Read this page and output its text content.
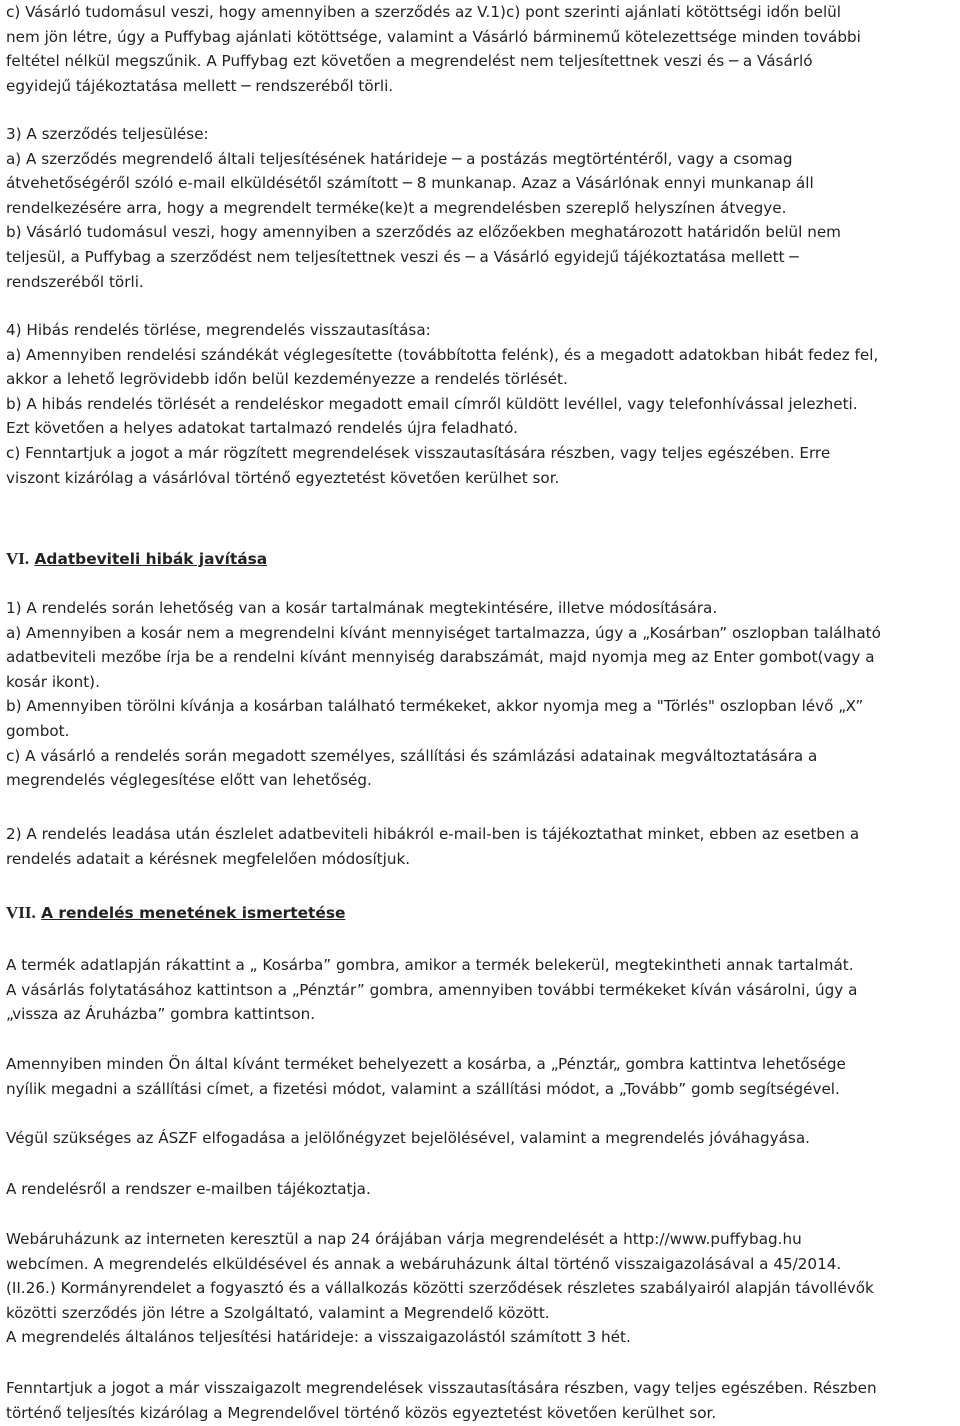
c) Vásárló tudomásul veszi, hogy amennyiben a szerződés az V.1)c) pont szerinti ajánlati kötöttségi időn belül

nem jön létre, úgy a Puffybag ajánlati kötöttsége, valamint a Vásárló bárminemű kötelezettsége minden további

feltétel nélkül megszűnik. A Puffybag ezt követően a megrendelést nem teljesítettnek veszi és ─ a Vásárló

egyidejű tájékoztatása mellett ─ rendszeréből törli.

3) A szerződés teljesülése:

a) A szerződés megrendelő általi teljesítésének határideje ─ a postázás megtörténtéről, vagy a csomag

átvehetőségéről szóló e-mail elküldésétől számított ─ 8 munkanap. Azaz a Vásárlónak ennyi munkanap áll

rendelkezésére arra, hogy a megrendelt terméke(ke)t a megrendelésben szereplő helyszínen átvegye.

b) Vásárló tudomásul veszi, hogy amennyiben a szerződés az előzőekben meghatározott határidőn belül nem

teljesül, a Puffybag a szerződést nem teljesítettnek veszi és ─ a Vásárló egyidejű tájékoztatása mellett ─

rendszeréből törli.

4) Hibás rendelés törlése, megrendelés visszautasítása:

a) Amennyiben rendelési szándékát véglegesítette (továbbította felénk), és a megadott adatokban hibát fedez fel,

akkor a lehető legrövidebb időn belül kezdeményezze a rendelés törlését.

b) A hibás rendelés törlését a rendeléskor megadott email címről küldött levéllel, vagy telefonhívással jelezheti.

Ezt követően a helyes adatokat tartalmazó rendelés újra feladható.

c) Fenntartjuk a jogot a már rögzített megrendelések visszautasítására részben, vagy teljes egészében. Erre

viszont kizárólag a vásárlóval történő egyeztetést követően kerülhet sor.

VI. Adatbeviteli hibák javítása

1) A rendelés során lehetőség van a kosár tartalmának megtekintésére, illetve módosítására.

a) Amennyiben a kosár nem a megrendelni kívánt mennyiséget tartalmazza, úgy a „Kosárban” oszlopban található

adatbeviteli mezőbe írja be a rendelni kívánt mennyiség darabszámát, majd nyomja meg az Enter gombot(vagy a

kosár ikont).

b) Amennyiben törölni kívánja a kosárban található termékeket, akkor nyomja meg a "Törlés" oszlopban lévő „X”

gombot.

c) A vásárló a rendelés során megadott személyes, szállítási és számlázási adatainak megváltoztatására a

megrendelés véglegesítése előtt van lehetőség.

2) A rendelés leadása után észlelet adatbeviteli hibákról e-mail-ben is tájékoztathat minket, ebben az esetben a

rendelés adatait a kérésnek megfelelően módosítjuk.

VII. A rendelés menetének ismertetése

A termék adatlapján rákattint a „ Kosárba” gombra, amikor a termék belekerül, megtekintheti annak tartalmát.

A vásárlás folytatásához kattintson a „Pénztár” gombra, amennyiben további termékeket kíván vásárolni, úgy a

„vissza az Áruházba” gombra kattintson.

Amennyiben minden Ön által kívánt terméket behelyezett a kosárba, a „Pénztár„ gombra kattintva lehetősége

nyílik megadni a szállítási címet, a fizetési módot, valamint a szállítási módot, a „Tovább” gomb segítségével.

Végül szükséges az ÁSZF elfogadása a jelölőnégyzet bejelölésével, valamint a megrendelés jóváhagyása.

A rendelésről a rendszer e-mailben tájékoztatja.

Webáruházunk az interneten keresztül a nap 24 órájában várja megrendelését a http://www.puffybag.hu

webcímen. A megrendelés elküldésével és annak a webáruházunk által történő visszaigazolásával a 45/2014.

(II.26.) Kormányrendelet a fogyasztó és a vállalkozás közötti szerződések részletes szabályairól alapján távollévők

közötti szerződés jön létre a Szolgáltató, valamint a Megrendelő között.

A megrendelés általános teljesítési határideje: a visszaigazolástól számított 3 hét.

Fenntartjuk a jogot a már visszaigazolt megrendelések visszautasítására részben, vagy teljes egészében. Részben

történő teljesítés kizárólag a Megrendelővel történő közös egyeztetést követően kerülhet sor.
